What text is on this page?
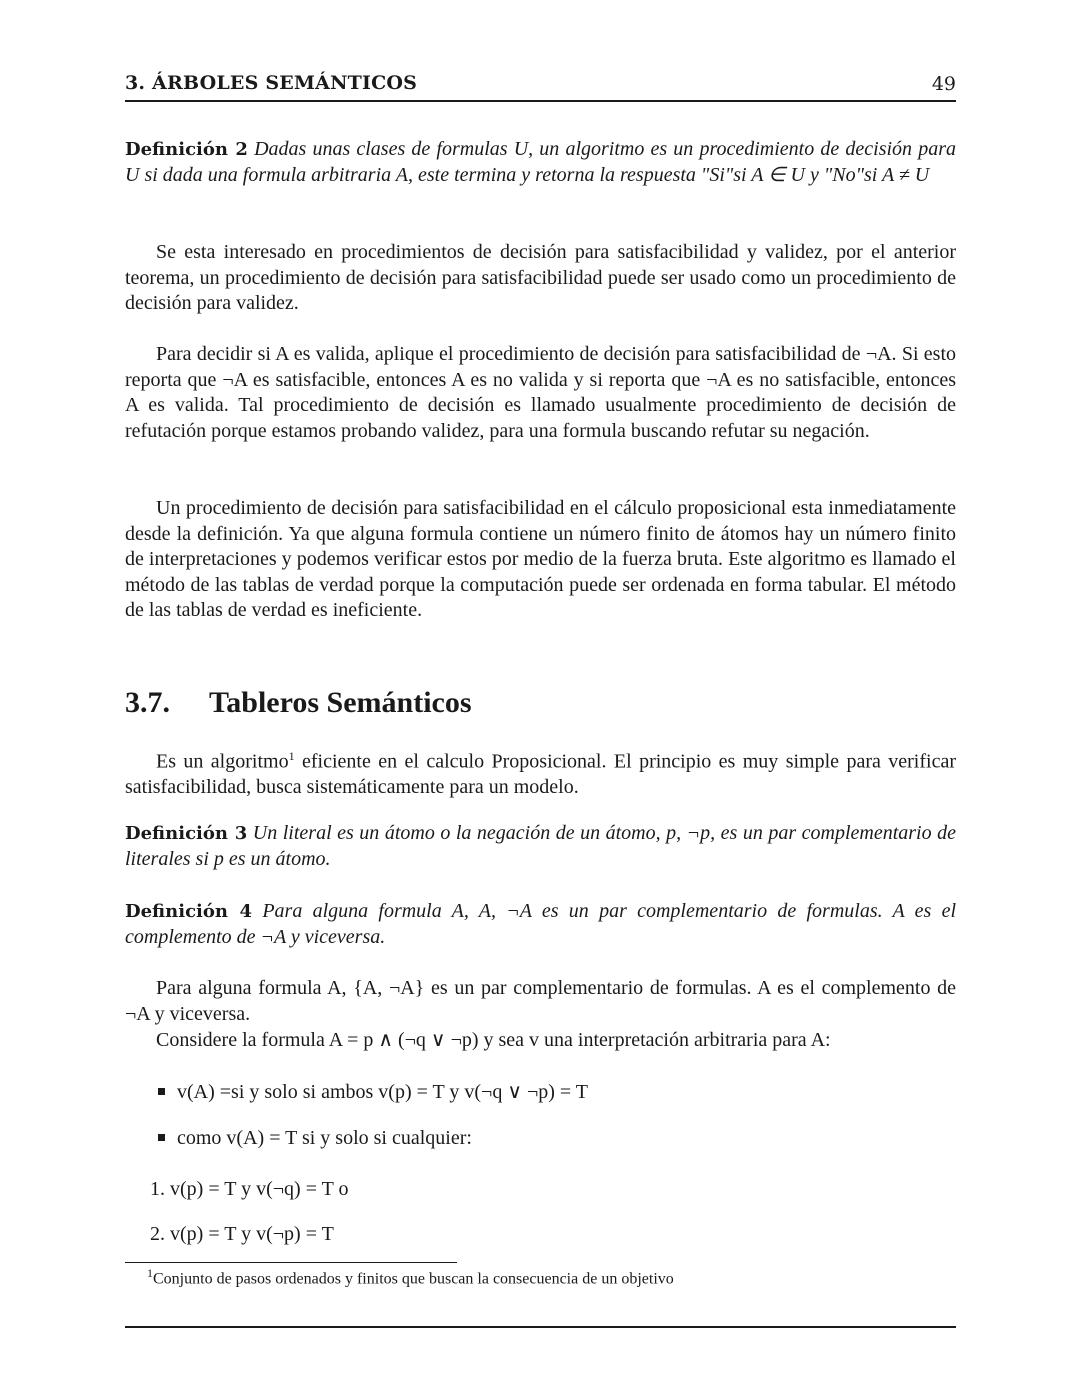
3. ÁRBOLES SEMÁNTICOS	49
Definición 2 Dadas unas clases de formulas U, un algoritmo es un procedimiento de decisión para U si dada una formula arbitraria A, este termina y retorna la respuesta "Si"si A ∈ U y "No"si A ≠ U
Se esta interesado en procedimientos de decisión para satisfacibilidad y validez, por el anterior teorema, un procedimiento de decisión para satisfacibilidad puede ser usado como un procedimiento de decisión para validez.
Para decidir si A es valida, aplique el procedimiento de decisión para satisfacibilidad de ¬A. Si esto reporta que ¬A es satisfacible, entonces A es no valida y si reporta que ¬A es no satisfacible, entonces A es valida. Tal procedimiento de decisión es llamado usualmente procedimiento de decisión de refutación porque estamos probando validez, para una formula buscando refutar su negación.
Un procedimiento de decisión para satisfacibilidad en el cálculo proposicional esta inmediatamente desde la definición. Ya que alguna formula contiene un número finito de átomos hay un número finito de interpretaciones y podemos verificar estos por medio de la fuerza bruta. Este algoritmo es llamado el método de las tablas de verdad porque la computación puede ser ordenada en forma tabular. El método de las tablas de verdad es ineficiente.
3.7. Tableros Semánticos
Es un algoritmo$^1$ eficiente en el calculo Proposicional. El principio es muy simple para verificar satisfacibilidad, busca sistemáticamente para un modelo.
Definición 3 Un literal es un átomo o la negación de un átomo, p, ¬p, es un par complementario de literales si p es un átomo.
Definición 4 Para alguna formula A, A, ¬A es un par complementario de formulas. A es el complemento de ¬A y viceversa.
Para alguna formula A, {A, ¬A} es un par complementario de formulas. A es el complemento de ¬A y viceversa.
Considere la formula A = p ∧ (¬q ∨ ¬p) y sea v una interpretación arbitraria para A:
v(A) =si y solo si ambos v(p) = T y v(¬q ∨ ¬p) = T
como v(A) = T si y solo si cualquier:
1. v(p) = T y v(¬q) = T o
2. v(p) = T y v(¬p) = T
$^1$Conjunto de pasos ordenados y finitos que buscan la consecuencia de un objetivo
